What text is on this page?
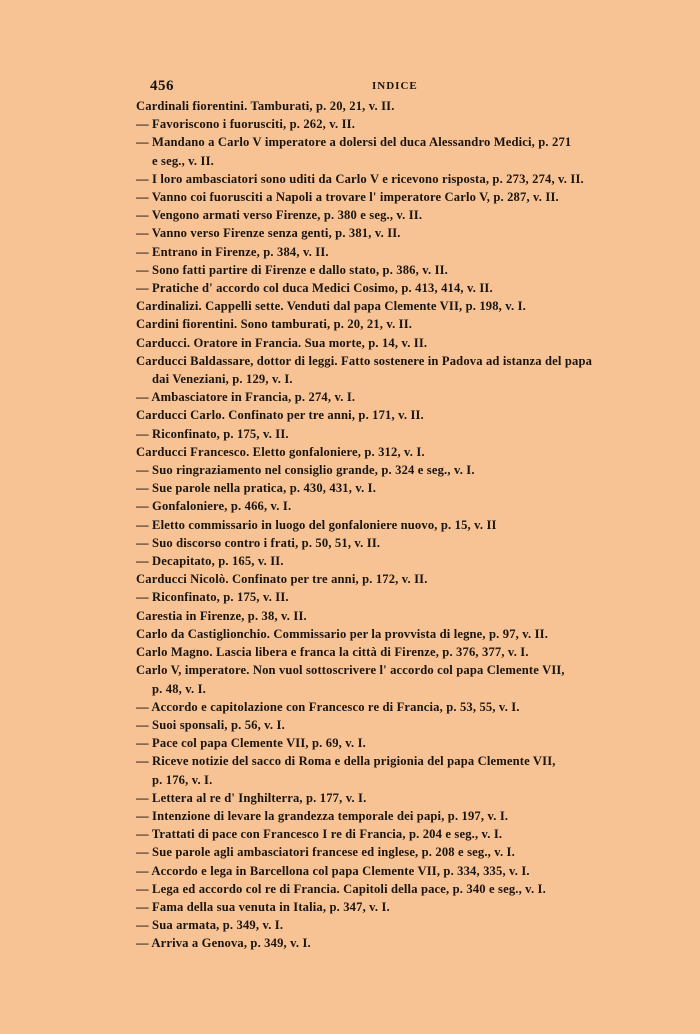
456	INDICE
Cardinali fiorentini. Tamburati, p. 20, 21, v. II.
— Favoriscono i fuorusciti, p. 262, v. II.
— Mandano a Carlo V imperatore a dolersi del duca Alessandro Medici, p. 271
e seg., v. II.
— I loro ambasciatori sono uditi da Carlo V e ricevono risposta, p. 273, 274, v. II.
— Vanno coi fuorusciti a Napoli a trovare l' imperatore Carlo V, p. 287, v. II.
— Vengono armati verso Firenze, p. 380 e seg., v. II.
— Vanno verso Firenze senza genti, p. 381, v. II.
— Entrano in Firenze, p. 384, v. II.
— Sono fatti partire di Firenze e dallo stato, p. 386, v. II.
— Pratiche d' accordo col duca Medici Cosimo, p. 413, 414, v. II.
Cardinalizi. Cappelli sette. Venduti dal papa Clemente VII, p. 198, v. I.
Cardini fiorentini. Sono tamburati, p. 20, 21, v. II.
Carducci. Oratore in Francia. Sua morte, p. 14, v. II.
Carducci Baldassare, dottor di leggi. Fatto sostenere in Padova ad istanza del papa
dai Veneziani, p. 129, v. I.
— Ambasciatore in Francia, p. 274, v. I.
Carducci Carlo. Confinato per tre anni, p. 171, v. II.
— Riconfinato, p. 175, v. II.
Carducci Francesco. Eletto gonfaloniere, p. 312, v. I.
— Suo ringraziamento nel consiglio grande, p. 324 e seg., v. I.
— Sue parole nella pratica, p. 430, 431, v. I.
— Gonfaloniere, p. 466, v. I.
— Eletto commissario in luogo del gonfaloniere nuovo, p. 15, v. II
— Suo discorso contro i frati, p. 50, 51, v. II.
— Decapitato, p. 165, v. II.
Carducci Nicolò. Confinato per tre anni, p. 172, v. II.
— Riconfinato, p. 175, v. II.
Carestia in Firenze, p. 38, v. II.
Carlo da Castiglionchio. Commissario per la provvista di legne, p. 97, v. II.
Carlo Magno. Lascia libera e franca la città di Firenze, p. 376, 377, v. I.
Carlo V, imperatore. Non vuol sottoscrivere l' accordo col papa Clemente VII,
p. 48, v. I.
— Accordo e capitolazione con Francesco re di Francia, p. 53, 55, v. I.
— Suoi sponsali, p. 56, v. I.
— Pace col papa Clemente VII, p. 69, v. I.
— Riceve notizie del sacco di Roma e della prigionia del papa Clemente VII,
p. 176, v. I.
— Lettera al re d' Inghilterra, p. 177, v. I.
— Intenzione di levare la grandezza temporale dei papi, p. 197, v. I.
— Trattati di pace con Francesco I re di Francia, p. 204 e seg., v. I.
— Sue parole agli ambasciatori francese ed inglese, p. 208 e seg., v. I.
— Accordo e lega in Barcellona col papa Clemente VII, p. 334, 335, v. I.
— Lega ed accordo col re di Francia. Capitoli della pace, p. 340 e seg., v. I.
— Fama della sua venuta in Italia, p. 347, v. I.
— Sua armata, p. 349, v. I.
— Arriva a Genova, p. 349, v. I.
